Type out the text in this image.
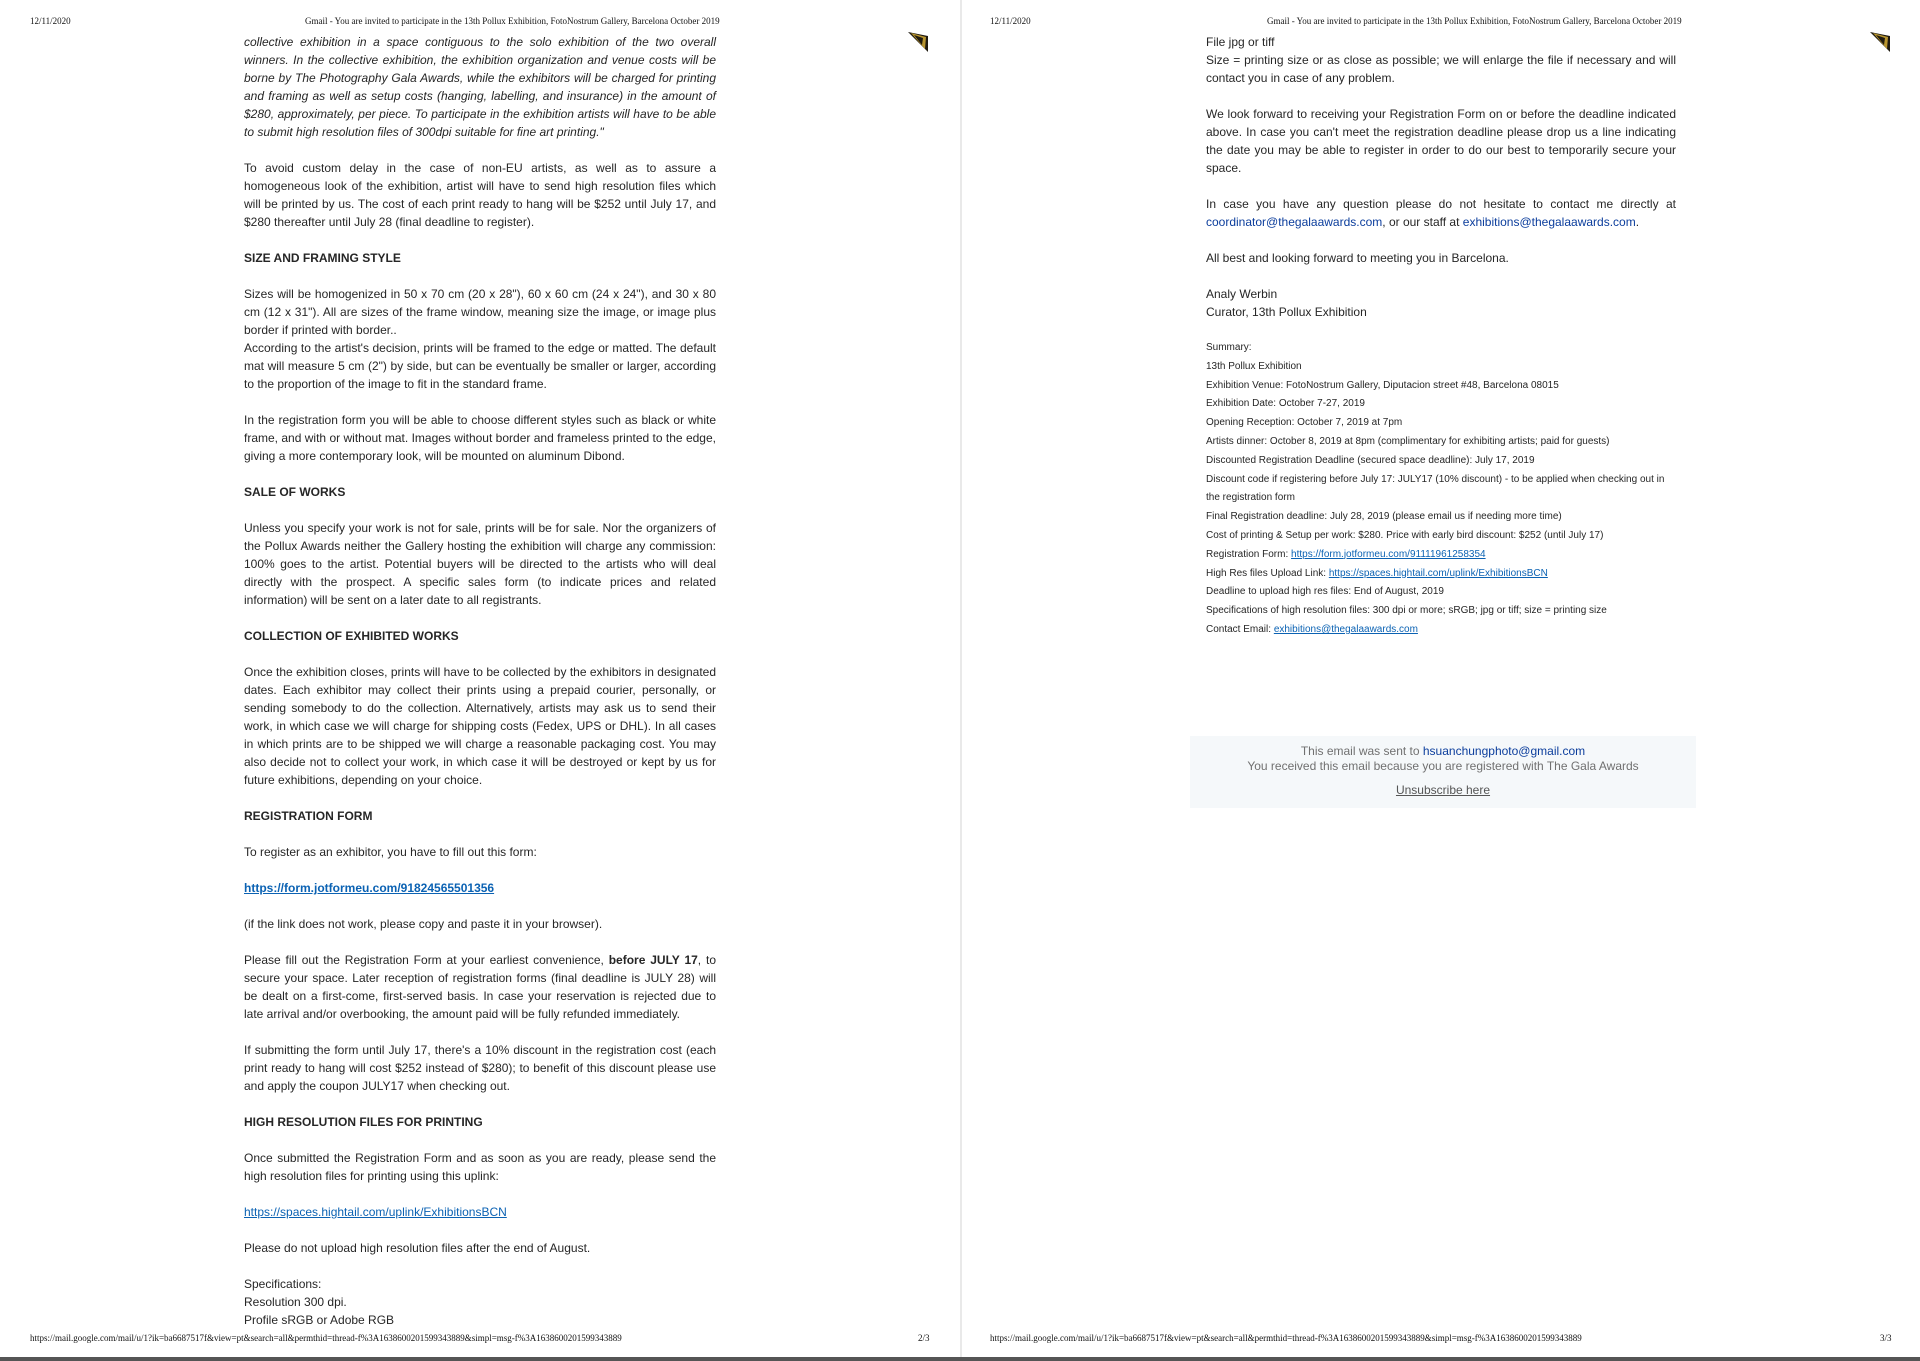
12/11/2020	Gmail - You are invited to participate in the 13th Pollux Exhibition, FotoNostrum Gallery, Barcelona October 2019

collective exhibition in a space contiguous to the solo exhibition of the two overall winners. In the collective exhibition, the exhibition organization and venue costs will be borne by The Photography Gala Awards, while the exhibitors will be charged for printing and framing as well as setup costs (hanging, labelling, and insurance) in the amount of $280, approximately, per piece. To participate in the exhibition artists will have to be able to submit high resolution files of 300dpi suitable for fine art printing."

To avoid custom delay in the case of non-EU artists, as well as to assure a homogeneous look of the exhibition, artist will have to send high resolution files which will be printed by us. The cost of each print ready to hang will be $252 until July 17, and $280 thereafter until July 28 (final deadline to register).

SIZE AND FRAMING STYLE

Sizes will be homogenized in 50 x 70 cm (20 x 28"), 60 x 60 cm (24 x 24"), and 30 x 80 cm (12 x 31"). All are sizes of the frame window, meaning size the image, or image plus border if printed with border..

According to the artist's decision, prints will be framed to the edge or matted. The default mat will measure 5 cm (2") by side, but can be eventually be smaller or larger, according to the proportion of the image to fit in the standard frame.

In the registration form you will be able to choose different styles such as black or white frame, and with or without mat. Images without border and frameless printed to the edge, giving a more contemporary look, will be mounted on aluminum Dibond.

SALE OF WORKS

Unless you specify your work is not for sale, prints will be for sale. Nor the organizers of the Pollux Awards neither the Gallery hosting the exhibition will charge any commission: 100% goes to the artist. Potential buyers will be directed to the artists who will deal directly with the prospect. A specific sales form (to indicate prices and related information) will be sent on a later date to all registrants.

COLLECTION OF EXHIBITED WORKS

Once the exhibition closes, prints will have to be collected by the exhibitors in designated dates. Each exhibitor may collect their prints using a prepaid courier, personally, or sending somebody to do the collection. Alternatively, artists may ask us to send their work, in which case we will charge for shipping costs (Fedex, UPS or DHL). In all cases in which prints are to be shipped we will charge a reasonable packaging cost. You may also decide not to collect your work, in which case it will be destroyed or kept by us for future exhibitions, depending on your choice.

REGISTRATION FORM

To register as an exhibitor, you have to fill out this form:

https://form.jotformeu.com/91824565501356

(if the link does not work, please copy and paste it in your browser).

Please fill out the Registration Form at your earliest convenience, before JULY 17, to secure your space. Later reception of registration forms (final deadline is JULY 28) will be dealt on a first-come, first-served basis. In case your reservation is rejected due to late arrival and/or overbooking, the amount paid will be fully refunded immediately.

If submitting the form until July 17, there's a 10% discount in the registration cost (each print ready to hang will cost $252 instead of $280); to benefit of this discount please use and apply the coupon JULY17 when checking out.

HIGH RESOLUTION FILES FOR PRINTING

Once submitted the Registration Form and as soon as you are ready, please send the high resolution files for printing using this uplink:

https://spaces.hightail.com/uplink/ExhibitionsBCN

Please do not upload high resolution files after the end of August.

Specifications:

Resolution 300 dpi.

Profile sRGB or Adobe RGB

https://mail.google.com/mail/u/1?ik=ba6687517f&view=pt&search=all&permthid=thread-f%3A1638600201599343889&simpl=msg-f%3A1638600201599343889	2/3
12/11/2020	Gmail - You are invited to participate in the 13th Pollux Exhibition, FotoNostrum Gallery, Barcelona October 2019

File jpg or tiff

Size = printing size or as close as possible; we will enlarge the file if necessary and will contact you in case of any problem.

We look forward to receiving your Registration Form on or before the deadline indicated above. In case you can't meet the registration deadline please drop us a line indicating the date you may be able to register in order to do our best to temporarily secure your space.

In case you have any question please do not hesitate to contact me directly at coordinator@thegalaawards.com, or our staff at exhibitions@thegalaawards.com.

All best and looking forward to meeting you in Barcelona.

Analy Werbin

Curator, 13th Pollux Exhibition

Summary:
13th Pollux Exhibition
Exhibition Venue: FotoNostrum Gallery, Diputacion street #48, Barcelona 08015
Exhibition Date: October 7-27, 2019
Opening Reception: October 7, 2019 at 7pm
Artists dinner: October 8, 2019 at 8pm (complimentary for exhibiting artists; paid for guests)
Discounted Registration Deadline (secured space deadline): July 17, 2019
Discount code if registering before July 17: JULY17 (10% discount) - to be applied when checking out in the registration form
Final Registration deadline: July 28, 2019 (please email us if needing more time)
Cost of printing & Setup per work: $280. Price with early bird discount: $252 (until July 17)
Registration Form: https://form.jotformeu.com/91111961258354
High Res files Upload Link: https://spaces.hightail.com/uplink/ExhibitionsBCN
Deadline to upload high res files: End of August, 2019
Specifications of high resolution files: 300 dpi or more; sRGB; jpg or tiff; size = printing size
Contact Email: exhibitions@thegalaawards.com
This email was sent to hsuanchungphoto@gmail.com
You received this email because you are registered with The Gala Awards
Unsubscribe here
https://mail.google.com/mail/u/1?ik=ba6687517f&view=pt&search=all&permthid=thread-f%3A1638600201599343889&simpl=msg-f%3A1638600201599343889	3/3
